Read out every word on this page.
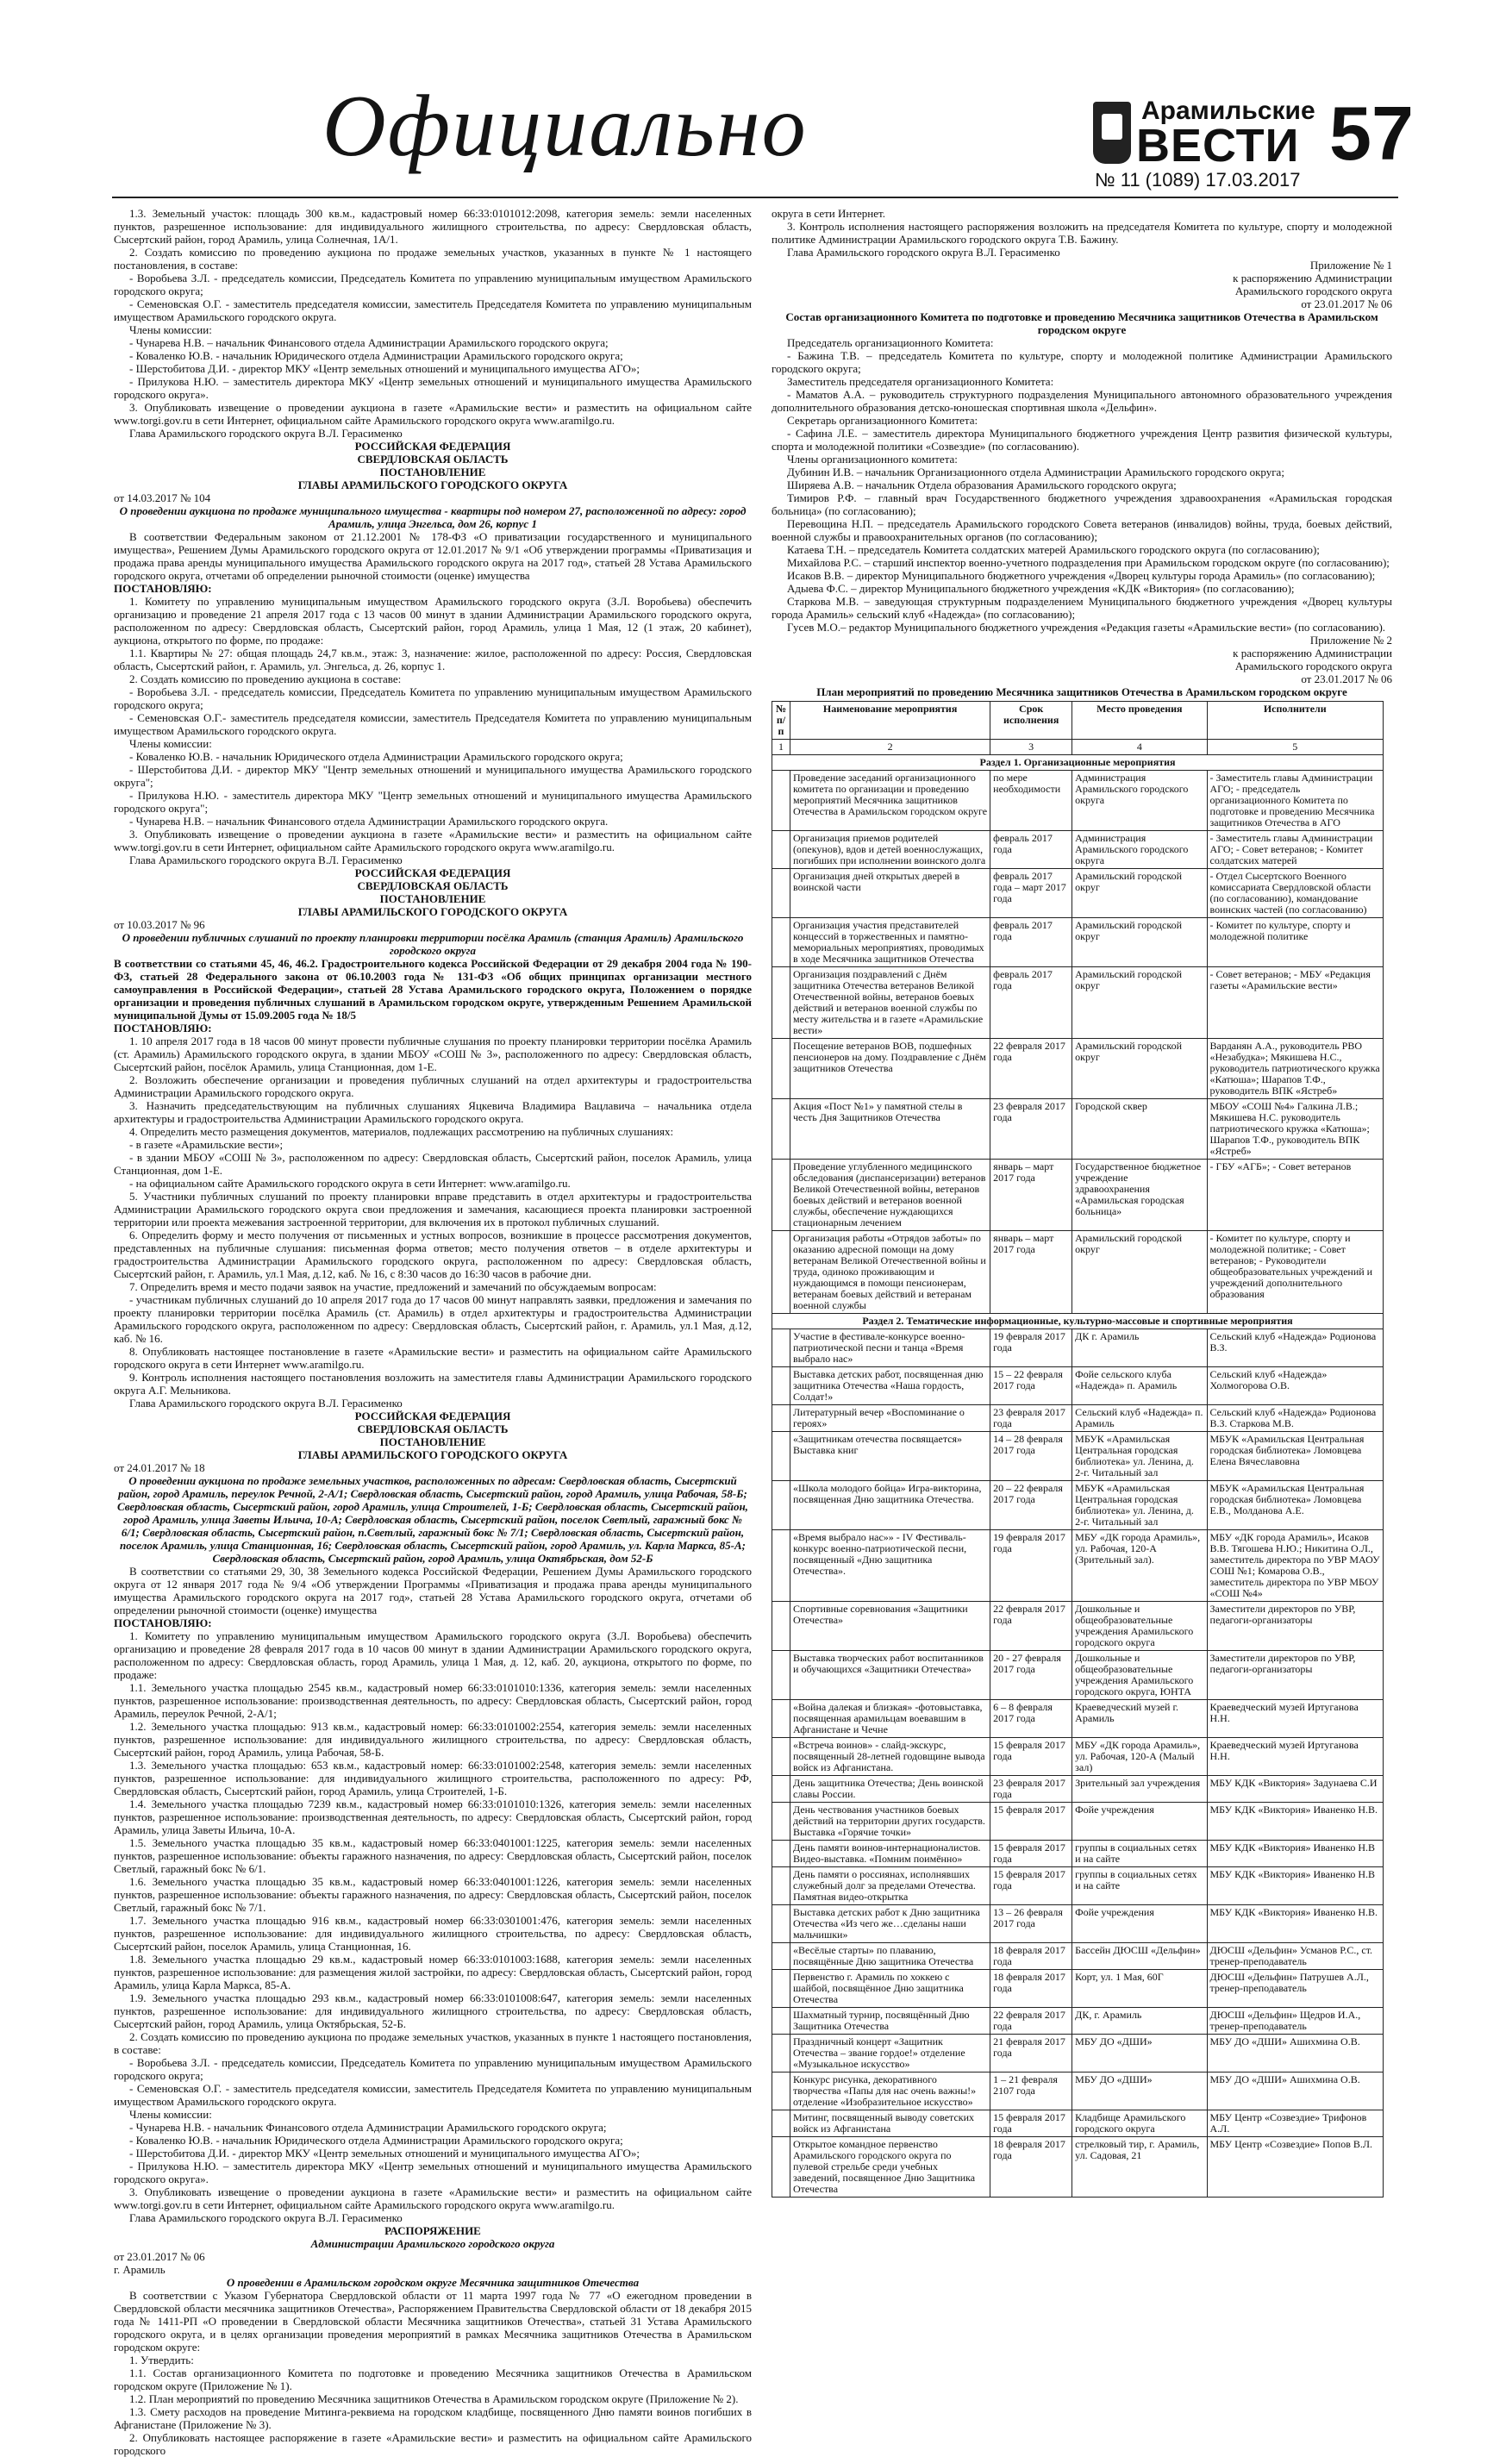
Официально	Арамильские
ВЕСТИ 57
№ 11 (1089) 17.03.2017

1.3. Земельный участок: площадь 300 кв.м., кадастровый номер 66:33:0101012:2098, категория земель: земли населенных пунктов, разрешенное использование: для индивидуального жилищного строительства, по адресу: Свердловская область, Сысертский район, город Арамиль, улица Солнечная, 1А/1.

2. Создать комиссию по проведению аукциона по продаже земельных участков, указанных в пункте № 1 настоящего постановления, в составе:

- Воробьева З.Л. - председатель комиссии, Председатель Комитета по управлению муниципальным имуществом Арамильского городского округа;

- Семеновская О.Г. - заместитель председателя комиссии, заместитель Председателя Комитета по управлению муниципальным имуществом Арамильского городского округа.

Члены комиссии:

- Чунарева Н.В. – начальник Финансового отдела Администрации Арамильского городского округа;

- Коваленко Ю.В. - начальник Юридического отдела Администрации Арамильского городского округа;

- Шерстобитова Д.И. - директор МКУ «Центр земельных отношений и муниципального имущества АГО»;

- Прилукова Н.Ю. – заместитель директора МКУ «Центр земельных отношений и муниципального имущества Арамильского городского округа».

3. Опубликовать извещение о проведении аукциона в газете «Арамильские вести» и разместить на официальном сайте www.torgi.gov.ru в сети Интернет, официальном сайте Арамильского городского округа www.aramilgo.ru.

Глава Арамильского городского округа В.Л. Герасименко

РОССИЙСКАЯ ФЕДЕРАЦИЯ

СВЕРДЛОВСКАЯ ОБЛАСТЬ

ПОСТАНОВЛЕНИЕ

ГЛАВЫ АРАМИЛЬСКОГО ГОРОДСКОГО ОКРУГА

от 14.03.2017 № 104

О проведении аукциона по продаже муниципального имущества - квартиры под номером 27, расположенной по адресу: город Арамиль, улица Энгельса, дом 26, корпус 1

В соответствии Федеральным законом от 21.12.2001 № 178-ФЗ «О приватизации государственного и муниципального имущества», Решением Думы Арамильского городского округа от 12.01.2017 № 9/1 «Об утверждении программы «Приватизация и продажа права аренды муниципального имущества Арамильского городского округа на 2017 год», статьей 28 Устава Арамильского городского округа, отчетами об определении рыночной стоимости (оценке) имущества

ПОСТАНОВЛЯЮ:

1. Комитету по управлению муниципальным имуществом Арамильского городского округа (З.Л. Воробьева) обеспечить организацию и проведение 21 апреля 2017 года с 13 часов 00 минут в здании Администрации Арамильского городского округа, расположенном по адресу: Свердловская область, Сысертский район, город Арамиль, улица 1 Мая, 12 (1 этаж, 20 кабинет), аукциона, открытого по форме, по продаже:

1.1. Квартиры № 27: общая площадь 24,7 кв.м., этаж: 3, назначение: жилое, расположенной по адресу: Россия, Свердловская область, Сысертский район, г. Арамиль, ул. Энгельса, д. 26, корпус 1.

2. Создать комиссию по проведению аукциона в составе:

- Воробьева З.Л. - председатель комиссии, Председатель Комитета по управлению муниципальным имуществом Арамильского городского округа;

- Семеновская О.Г.- заместитель председателя комиссии, заместитель Председателя Комитета по управлению муниципальным имуществом Арамильского городского округа.

Члены комиссии:

- Коваленко Ю.В. - начальник Юридического отдела Администрации Арамильского городского округа;

- Шерстобитова Д.И. - директор МКУ "Центр земельных отношений и муниципального имущества Арамильского городского округа";

- Прилукова Н.Ю. - заместитель директора МКУ "Центр земельных отношений и муниципального имущества Арамильского городского округа";

- Чунарева Н.В. – начальник Финансового отдела Администрации Арамильского городского округа.

3. Опубликовать извещение о проведении аукциона в газете «Арамильские вести» и разместить на официальном сайте www.torgi.gov.ru в сети Интернет, официальном сайте Арамильского городского округа www.aramilgo.ru.

Глава Арамильского городского округа В.Л. Герасименко

РОССИЙСКАЯ ФЕДЕРАЦИЯ

СВЕРДЛОВСКАЯ ОБЛАСТЬ

ПОСТАНОВЛЕНИЕ

ГЛАВЫ АРАМИЛЬСКОГО ГОРОДСКОГО ОКРУГА

от 10.03.2017 № 96

О проведении публичных слушаний по проекту планировки территории посёлка Арамиль (станция Арамиль) Арамильского городского округа

В соответствии со статьями 45, 46, 46.2. Градостроительного кодекса Российской Федерации от 29 декабря 2004 года № 190-ФЗ, статьей 28 Федерального закона от 06.10.2003 года № 131-ФЗ «Об общих принципах организации местного самоуправления в Российской Федерации», статьей 28 Устава Арамильского городского округа, Положением о порядке организации и проведения публичных слушаний в Арамильском городском округе, утвержденным Решением Арамильской муниципальной Думы от 15.09.2005 года № 18/5

ПОСТАНОВЛЯЮ:

1. 10 апреля 2017 года в 18 часов 00 минут провести публичные слушания по проекту планировки территории посёлка Арамиль (ст. Арамиль) Арамильского городского округа, в здании МБОУ «СОШ № 3», расположенного по адресу: Свердловская область, Сысертский район, посёлок Арамиль, улица Станционная, дом 1-Е.

2. Возложить обеспечение организации и проведения публичных слушаний на отдел архитектуры и градостроительства Администрации Арамильского городского округа.

3. Назначить председательствующим на публичных слушаниях Яцкевича Владимира Вацлавича – начальника отдела архитектуры и градостроительства Администрации Арамильского городского округа.

4. Определить место размещения документов, материалов, подлежащих рассмотрению на публичных слушаниях:

- в газете «Арамильские вести»;

- в здании МБОУ «СОШ № 3», расположенном по адресу: Свердловская область, Сысертский район, поселок Арамиль, улица Станционная, дом 1-Е.

- на официальном сайте Арамильского городского округа в сети Интернет: www.aramilgo.ru.

5. Участники публичных слушаний по проекту планировки вправе представить в отдел архитектуры и градостроительства Администрации Арамильского городского округа свои предложения и замечания, касающиеся проекта планировки застроенной территории или проекта межевания застроенной территории, для включения их в протокол публичных слушаний.

6. Определить форму и место получения от письменных и устных вопросов, возникшие в процессе рассмотрения документов, представленных на публичные слушания: письменная форма ответов; место получения ответов – в отделе архитектуры и градостроительства Администрации Арамильского городского округа, расположенном по адресу: Свердловская область, Сысертский район, г. Арамиль, ул.1 Мая, д.12, каб. № 16, с 8:30 часов до 16:30 часов в рабочие дни.

7. Определить время и место подачи заявок на участие, предложений и замечаний по обсуждаемым вопросам:

- участникам публичных слушаний до 10 апреля 2017 года до 17 часов 00 минут направлять заявки, предложения и замечания по проекту планировки территории посёлка Арамиль (ст. Арамиль) в отдел архитектуры и градостроительства Администрации Арамильского городского округа, расположенном по адресу: Свердловская область, Сысертский район, г. Арамиль, ул.1 Мая, д.12, каб. № 16.

8. Опубликовать настоящее постановление в газете «Арамильские вести» и разместить на официальном сайте Арамильского городского округа в сети Интернет www.aramilgo.ru.

9. Контроль исполнения настоящего постановления возложить на заместителя главы Администрации Арамильского городского округа А.Г. Мельникова.

Глава Арамильского городского округа В.Л. Герасименко

РОССИЙСКАЯ ФЕДЕРАЦИЯ

СВЕРДЛОВСКАЯ ОБЛАСТЬ

ПОСТАНОВЛЕНИЕ

ГЛАВЫ АРАМИЛЬСКОГО ГОРОДСКОГО ОКРУГА

от 24.01.2017 № 18

О проведении аукциона по продаже земельных участков, расположенных по адресам: Свердловская область, Сысертский район, город Арамиль, переулок Речной, 2-А/1; Свердловская область, Сысертский район, город Арамиль, улица Рабочая, 58-Б; Свердловская область, Сысертский район, город Арамиль, улица Строителей, 1-Б; Свердловская область, Сысертский район, город Арамиль, улица Заветы Ильича, 10-А; Свердловская область, Сысертский район, поселок Светлый, гаражный бокс № 6/1; Свердловская область, Сысертский район, п.Светлый, гаражный бокс № 7/1; Свердловская область, Сысертский район, поселок Арамиль, улица Станционная, 16; Свердловская область, Сысертский район, город Арамиль, ул. Карла Маркса, 85-А; Свердловская область, Сысертский район, город Арамиль, улица Октябрьская, дом 52-Б

В соответствии со статьями 29, 30, 38 Земельного кодекса Российской Федерации, Решением Думы Арамильского городского округа от 12 января 2017 года № 9/4 «Об утверждении Программы «Приватизация и продажа права аренды муниципального имущества Арамильского городского округа на 2017 год», статьей 28 Устава Арамильского городского округа, отчетами об определении рыночной стоимости (оценке) имущества

ПОСТАНОВЛЯЮ:

1. Комитету по управлению муниципальным имуществом Арамильского городского округа (З.Л. Воробьева) обеспечить организацию и проведение 28 февраля 2017 года в 10 часов 00 минут в здании Администрации Арамильского городского округа, расположенном по адресу: Свердловская область, город Арамиль, улица 1 Мая, д. 12, каб. 20, аукциона, открытого по форме, по продаже:

1.1. Земельного участка площадью 2545 кв.м., кадастровый номер 66:33:0101010:1336, категория земель: земли населенных пунктов, разрешенное использование: производственная деятельность, по адресу: Свердловская область, Сысертский район, город Арамиль, переулок Речной, 2-А/1;

1.2. Земельного участка площадью: 913 кв.м., кадастровый номер: 66:33:0101002:2554, категория земель: земли населенных пунктов, разрешенное использование: для индивидуального жилищного строительства, по адресу: Свердловская область, Сысертский район, город Арамиль, улица Рабочая, 58-Б.

1.3. Земельного участка площадью: 653 кв.м., кадастровый номер: 66:33:0101002:2548, категория земель: земли населенных пунктов, разрешенное использование: для индивидуального жилищного строительства, расположенного по адресу: РФ, Свердловская область, Сысертский район, город Арамиль, улица Строителей, 1-Б.

1.4. Земельного участка площадью 7239 кв.м., кадастровый номер 66:33:0101010:1326, категория земель: земли населенных пунктов, разрешенное использование: производственная деятельность, по адресу: Свердловская область, Сысертский район, город Арамиль, улица Заветы Ильича, 10-А.

1.5. Земельного участка площадью 35 кв.м., кадастровый номер 66:33:0401001:1225, категория земель: земли населенных пунктов, разрешенное использование: объекты гаражного назначения, по адресу: Свердловская область, Сысертский район, поселок Светлый, гаражный бокс № 6/1.

1.6. Земельного участка площадью 35 кв.м., кадастровый номер 66:33:0401001:1226, категория земель: земли населенных пунктов, разрешенное использование: объекты гаражного назначения, по адресу: Свердловская область, Сысертский район, поселок Светлый, гаражный бокс № 7/1.

1.7. Земельного участка площадью 916 кв.м., кадастровый номер 66:33:0301001:476, категория земель: земли населенных пунктов, разрешенное использование: для индивидуального жилищного строительства, по адресу: Свердловская область, Сысертский район, поселок Арамиль, улица Станционная, 16.

1.8. Земельного участка площадью 29 кв.м., кадастровый номер 66:33:0101003:1688, категория земель: земли населенных пунктов, разрешенное использование: для размещения жилой застройки, по адресу: Свердловская область, Сысертский район, город Арамиль, улица Карла Маркса, 85-А.

1.9. Земельного участка площадью 293 кв.м., кадастровый номер 66:33:0101008:647, категория земель: земли населенных пунктов, разрешенное использование: для индивидуального жилищного строительства, по адресу: Свердловская область, Сысертский район, город Арамиль, улица Октябрьская, 52-Б.

2. Создать комиссию по проведению аукциона по продаже земельных участков, указанных в пункте 1 настоящего постановления, в составе:

- Воробьева З.Л. - председатель комиссии, Председатель Комитета по управлению муниципальным имуществом Арамильского городского округа;

- Семеновская О.Г. - заместитель председателя комиссии, заместитель Председателя Комитета по управлению муниципальным имуществом Арамильского городского округа.

Члены комиссии:

- Чунарева Н.В. - начальник Финансового отдела Администрации Арамильского городского округа;

- Коваленко Ю.В. - начальник Юридического отдела Администрации Арамильского городского округа;

- Шерстобитова Д.И. - директор МКУ «Центр земельных отношений и муниципального имущества АГО»;

- Прилукова Н.Ю. – заместитель директора МКУ «Центр земельных отношений и муниципального имущества Арамильского городского округа».

3. Опубликовать извещение о проведении аукциона в газете «Арамильские вести» и разместить на официальном сайте www.torgi.gov.ru в сети Интернет, официальном сайте Арамильского городского округа www.aramilgo.ru.

Глава Арамильского городского округа В.Л. Герасименко

РАСПОРЯЖЕНИЕ

Администрации Арамильского городского округа

от 23.01.2017 № 06

г. Арамиль

О проведении в Арамильском городском округе Месячника защитников Отечества

В соответствии с Указом Губернатора Свердловской области от 11 марта 1997 года № 77 «О ежегодном проведении в Свердловской области месячника защитников Отечества», Распоряжением Правительства Свердловской области от 18 декабря 2015 года № 1411-РП «О проведении в Свердловской области Месячника защитников Отечества», статьей 31 Устава Арамильского городского округа, и в целях организации проведения мероприятий в рамках Месячника защитников Отечества в Арамильском городском округе:

1. Утвердить:

1.1. Состав организационного Комитета по подготовке и проведению Месячника защитников Отечества в Арамильском городском округе (Приложение № 1).

1.2. План мероприятий по проведению Месячника защитников Отечества в Арамильском городском округе (Приложение № 2).

1.3. Смету расходов на проведение Митинга-реквиема на городском кладбище, посвященного Дню памяти воинов погибших в Афганистане (Приложение № 3).

2. Опубликовать настоящее распоряжение в газете «Арамильские вести» и разместить на официальном сайте Арамильского городского

округа в сети Интернет.

3. Контроль исполнения настоящего распоряжения возложить на председателя Комитета по культуре, спорту и молодежной политике Администрации Арамильского городского округа Т.В. Бажину.

Глава Арамильского городского округа В.Л. Герасименко

Приложение № 1

к распоряжению Администрации

Арамильского городского округа

от 23.01.2017 № 06

Состав организационного Комитета по подготовке и проведению Месячника защитников Отечества в Арамильском городском округе

Председатель организационного Комитета:

- Бажина Т.В. – председатель Комитета по культуре, спорту и молодежной политике Администрации Арамильского городского округа;

Заместитель председателя организационного Комитета:

- Маматов А.А. – руководитель структурного подразделения Муниципального автономного образовательного учреждения дополнительного образования детско-юношеская спортивная школа «Дельфин».

Секретарь организационного Комитета:

- Сафина Л.Е. – заместитель директора Муниципального бюджетного учреждения Центр развития физической культуры, спорта и молодежной политики «Созвездие» (по согласованию).

Члены организационного комитета:

Дубинин И.В. – начальник Организационного отдела Администрации Арамильского городского округа;

Ширяева А.В. – начальник Отдела образования Арамильского городского округа;

Тимиров Р.Ф. – главный врач Государственного бюджетного учреждения здравоохранения «Арамильская городская больница» (по согласованию);

Перевощина Н.П. – председатель Арамильского городского Совета ветеранов (инвалидов) войны, труда, боевых действий, военной службы и правоохранительных органов (по согласованию);

Катаева Т.Н. – председатель Комитета солдатских матерей Арамильского городского округа (по согласованию);

Михайлова Р.С. – старший инспектор военно-учетного подразделения при Арамильском городском округе (по согласованию);

Исаков В.В. – директор Муниципального бюджетного учреждения «Дворец культуры города Арамиль» (по согласованию);

Адыева Ф.С. – директор Муниципального бюджетного учреждения «КДК «Виктория» (по согласованию);

Старкова М.В. – заведующая структурным подразделением Муниципального бюджетного учреждения «Дворец культуры города Арамиль» сельский клуб «Надежда» (по согласованию);

Гусев М.О.– редактор Муниципального бюджетного учреждения «Редакция газеты «Арамильские вести» (по согласованию).

Приложение № 2

к распоряжению Администрации

Арамильского городского округа

от 23.01.2017 № 06

План мероприятий по проведению Месячника защитников Отечества в Арамильском городском округе

№ п/п	Наименование мероприятия	Срок исполнения	Место проведения	Исполнители
1	2	3	4	5
Раздел 1. Организационные мероприятия				
	Проведение заседаний организационного комитета по организации и проведению мероприятий Месячника защитников Отечества в Арамильском городском округе	по мере необходимости	Администрация Арамильского городского округа	- Заместитель главы Администрации АГО; - председатель организационного Комитета по подготовке и проведению Месячника защитников Отечества в АГО
	Организация приемов родителей (опекунов), вдов и детей военнослужащих, погибших при исполнении воинского долга	февраль 2017 года	Администрация Арамильского городского округа	- Заместитель главы Администрации АГО; - Совет ветеранов; - Комитет солдатских матерей
	Организация дней открытых дверей в воинской части	февраль 2017 года – март 2017 года	Арамильский городской округ	- Отдел Сысертского Военного комиссариата Свердловской области (по согласованию), командование воинских частей (по согласованию)
	Организация участия представителей концессий в торжественных и памятно-мемориальных мероприятиях, проводимых в ходе Месячника защитников Отечества	февраль 2017 года	Арамильский городской округ	- Комитет по культуре, спорту и молодежной политике
	Организация поздравлений с Днём защитника Отечества ветеранов Великой Отечественной войны, ветеранов боевых действий и ветеранов военной службы по месту жительства и в газете «Арамильские вести»	февраль 2017 года	Арамильский городской округ	- Совет ветеранов; - МБУ «Редакция газеты «Арамильские вести»
	Посещение ветеранов ВОВ, подшефных пенсионеров на дому. Поздравление с Днём защитников Отечества	22 февраля 2017 года	Арамильский городской округ	Варданян А.А., руководитель РВО «Незабудка»; Мякишева Н.С., руководитель патриотического кружка «Катюша»; Шарапов Т.Ф., руководитель ВПК «Ястреб»
	Акция «Пост №1» у памятной стелы в честь Дня Защитников Отечества	23 февраля 2017 года	Городской сквер	МБОУ «СОШ №4» Галкина Л.В.; Мякишева Н.С. руководитель патриотического кружка «Катюша»; Шарапов Т.Ф., руководитель ВПК «Ястреб»
	Проведение углубленного медицинского обследования (диспансеризации) ветеранов Великой Отечественной войны, ветеранов боевых действий и ветеранов военной службы, обеспечение нуждающихся стационарным лечением	январь – март 2017 года	Государственное бюджетное учреждение здравоохранения «Арамильская городская больница»	- ГБУ «АГБ»; - Совет ветеранов
	Организация работы «Отрядов заботы» по оказанию адресной помощи на дому ветеранам Великой Отечественной войны и труда, одиноко проживающим и нуждающимся в помощи пенсионерам, ветеранам боевых действий и ветеранам военной службы	январь – март 2017 года	Арамильский городской округ	- Комитет по культуре, спорту и молодежной политике; - Совет ветеранов; - Руководители общеобразовательных учреждений и учреждений дополнительного образования
Раздел 2. Тематические информационные, культурно-массовые и спортивные мероприятия				
	Участие в фестивале-конкурсе военно-патриотической песни и танца «Время выбрало нас»	19 февраля 2017 года	ДК г. Арамиль	Сельский клуб «Надежда» Родионова В.З.
	Выставка детских работ, посвященная дню защитника Отечества «Наша гордость, Солдат!»	15 – 22 февраля 2017 года	Фойе сельского клуба «Надежда» п. Арамиль	Сельский клуб «Надежда» Холмогорова О.В.
	Литературный вечер «Воспоминание о героях»	23 февраля 2017 года	Сельский клуб «Надежда» п. Арамиль	Сельский клуб «Надежда» Родионова В.З. Старкова М.В.
	«Защитникам отечества посвящается» Выставка книг	14 – 28 февраля 2017 года	МБУК «Арамильская Центральная городская библиотека» ул. Ленина, д. 2-г. Читальный зал	МБУК «Арамильская Центральная городская библиотека» Ломовцева Елена Вячеславовна
	«Школа молодого бойца» Игра-викторина, посвященная Дню защитника Отечества.	20 – 22 февраля 2017 года	МБУК «Арамильская Центральная городская библиотека» ул. Ленина, д. 2-г. Читальный зал	МБУК «Арамильская Центральная городская библиотека» Ломовцева Е.В., Молданова А.Е.
	«Время выбрало нас»» - IV Фестиваль-конкурс военно-патриотической песни, посвященный «Дню защитника Отечества».	19 февраля 2017 года	МБУ «ДК города Арамиль», ул. Рабочая, 120-А (Зрительный зал).	МБУ «ДК города Арамиль», Исаков В.В. Тягошева Н.Ю.; Никитина О.Л., заместитель директора по УВР МАОУ СОШ №1; Комарова О.В., заместитель директора по УВР МБОУ «СОШ №4»
	Спортивные соревнования «Защитники Отечества»	22 февраля 2017 года	Дошкольные и общеобразовательные учреждения Арамильского городского округа	Заместители директоров по УВР, педагоги-организаторы
	Выставка творческих работ воспитанников и обучающихся «Защитники Отечества»	20 - 27 февраля 2017 года	Дошкольные и общеобразовательные учреждения Арамильского городского округа, ЮНТА	Заместители директоров по УВР, педагоги-организаторы
	«Война далекая и близкая» -фотовыставка, посвященная арамильцам воевавшим в Афганистане и Чечне	6 – 8 февраля 2017 года	Краеведческий музей г. Арамиль	Краеведческий музей Иртуганова Н.Н.
	«Встреча воинов» - слайд-экскурс, посвященный 28-летней годовщине вывода войск из Афганистана.	15 февраля 2017 года	МБУ «ДК города Арамиль», ул. Рабочая, 120-А (Малый зал)	Краеведческий музей Иртуганова Н.Н.
	День защитника Отечества; День воинской славы России.	23 февраля 2017 года	Зрительный зал учреждения	МБУ КДК «Виктория» Задунаева С.И
	День чествования участников боевых действий на территории других государств. Выставка «Горячие точки»	15 февраля 2017	Фойе учреждения	МБУ КДК «Виктория» Иваненко Н.В.
	День памяти воинов-интернационалистов. Видео-выставка. «Помним поимённо»	15 февраля 2017 года	группы в социальных сетях и на сайте	МБУ КДК «Виктория» Иваненко Н.В
	День памяти о россиянах, исполнявших служебный долг за пределами Отечества. Памятная видео-открытка	15 февраля 2017 года	группы в социальных сетях и на сайте	МБУ КДК «Виктория» Иваненко Н.В
	Выставка детских работ к Дню защитника Отечества «Из чего же…сделаны наши мальчишки»	13 – 26 февраля 2017 года	Фойе учреждения	МБУ КДК «Виктория» Иваненко Н.В.
	«Весёлые старты» по плаванию, посвящённые Дню защитника Отечества	18 февраля 2017 года	Бассейн ДЮСШ «Дельфин»	ДЮСШ «Дельфин» Усманов Р.С., ст. тренер-преподаватель
	Первенство г. Арамиль по хоккею с шайбой, посвящённое Дню защитника Отечества	18 февраля 2017 года	Корт, ул. 1 Мая, 60Г	ДЮСШ «Дельфин» Патрушев А.Л., тренер-преподаватель
	Шахматный турнир, посвящённый Дню Защитника Отечества	22 февраля 2017 года	ДК, г. Арамиль	ДЮСШ «Дельфин» Щедров И.А., тренер-преподаватель
	Праздничный концерт «Защитник Отечества – звание гордое!» отделение «Музыкальное искусство»	21 февраля 2017 года	МБУ ДО «ДШИ»	МБУ ДО «ДШИ» Ашихмина О.В.
	Конкурс рисунка, декоративного творчества «Папы для нас очень важны!» отделение «Изобразительное искусство»	1 – 21 февраля 2107 года	МБУ ДО «ДШИ»	МБУ ДО «ДШИ» Ашихмина О.В.
	Митинг, посвященный выводу советских войск из Афганистана	15 февраля 2017 года	Кладбище Арамильского городского округа	МБУ Центр «Созвездие» Трифонов А.Л.
	Открытое командное первенство Арамильского городского округа по пулевой стрельбе среди учебных заведений, посвященное Дню Защитника Отечества	18 февраля 2017 года	стрелковый тир, г. Арамиль, ул. Садовая, 21	МБУ Центр «Созвездие» Попов В.Л.
